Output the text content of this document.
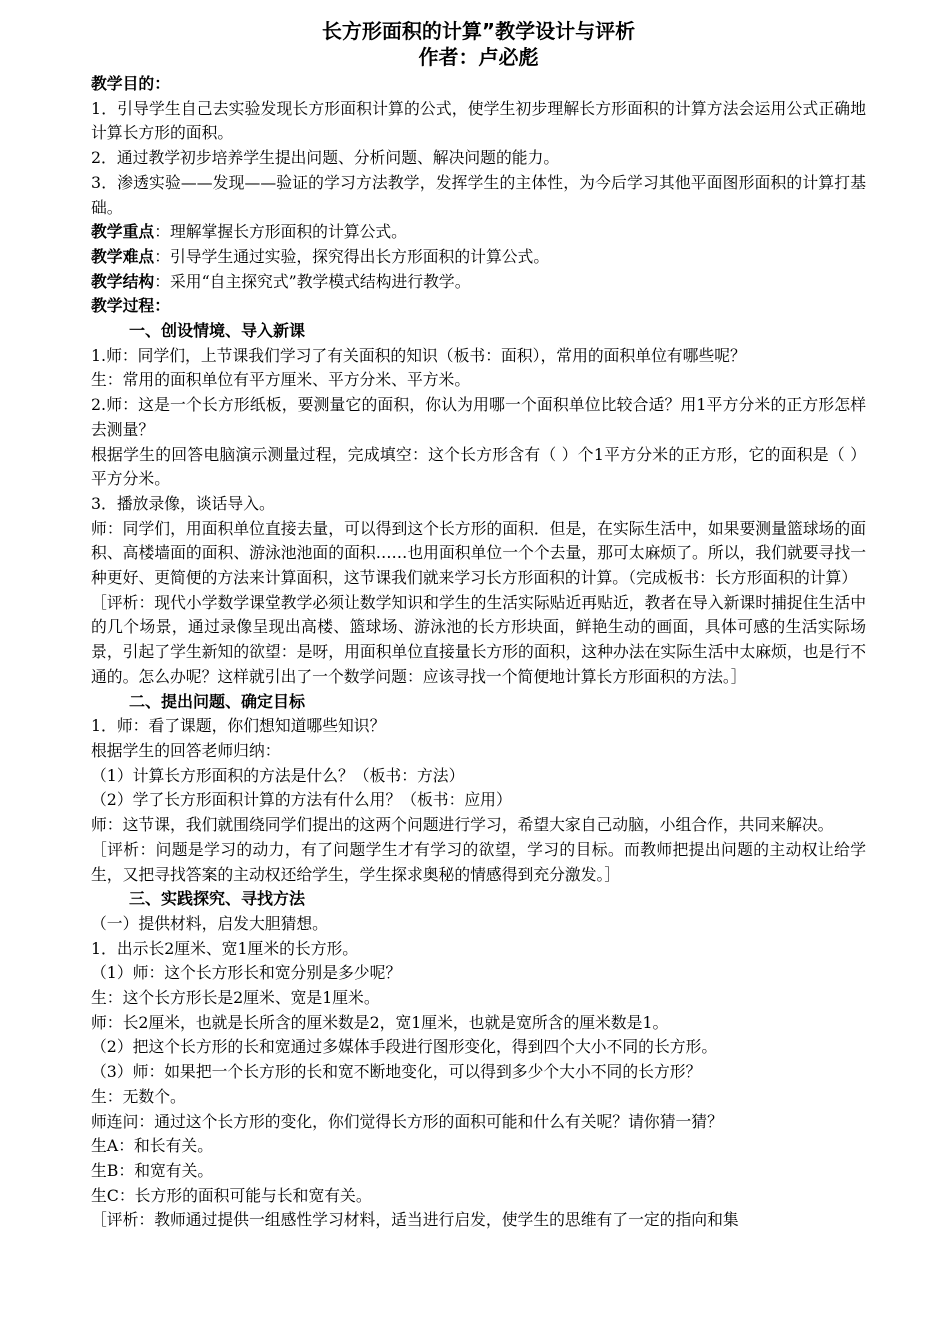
长方形面积的计算”教学设计与评析

作者：卢必彪

教学目的：

1．引导学生自己去实验发现长方形面积计算的公式，使学生初步理解长方形面积的计算方法会运用公式正确地计算长方形的面积。

2．通过教学初步培养学生提出问题、分析问题、解决问题的能力。

3．渗透实验——发现——验证的学习方法教学，发挥学生的主体性，为今后学习其他平面图形面积的计算打基础。

教学重点：理解掌握长方形面积的计算公式。

教学难点：引导学生通过实验，探究得出长方形面积的计算公式。

教学结构：采用“自主探究式”教学模式结构进行教学。

教学过程：

一、创设情境、导入新课

1.师：同学们，上节课我们学习了有关面积的知识（板书：面积），常用的面积单位有哪些呢？

生：常用的面积单位有平方厘米、平方分米、平方米。

2.师：这是一个长方形纸板，要测量它的面积，你认为用哪一个面积单位比较合适？用1平方分米的正方形怎样去测量？

根据学生的回答电脑演示测量过程，完成填空：这个长方形含有（ ）个1平方分米的正方形，它的面积是（ ）平方分米。

3．播放录像，谈话导入。

师：同学们，用面积单位直接去量，可以得到这个长方形的面积．但是，在实际生活中，如果要测量篮球场的面积、高楼墙面的面积、游泳池池面的面积……也用面积单位一个个去量，那可太麻烦了。所以，我们就要寻找一种更好、更简便的方法来计算面积，这节课我们就来学习长方形面积的计算。（完成板书：长方形面积的计算）

［评析：现代小学数学课堂教学必须让数学知识和学生的生活实际贴近再贴近，教者在导入新课时捕捉住生活中的几个场景，通过录像呈现出高楼、篮球场、游泳池的长方形块面，鲜艳生动的画面，具体可感的生活实际场景，引起了学生新知的欲望：是呀，用面积单位直接量长方形的面积，这种办法在实际生活中太麻烦，也是行不通的。怎么办呢？这样就引出了一个数学问题：应该寻找一个简便地计算长方形面积的方法。］

二、提出问题、确定目标

1．师：看了课题，你们想知道哪些知识？

根据学生的回答老师归纳：

（1）计算长方形面积的方法是什么？（板书：方法）

（2）学了长方形面积计算的方法有什么用？（板书：应用）

师：这节课，我们就围绕同学们提出的这两个问题进行学习，希望大家自己动脑，小组合作，共同来解决。

［评析：问题是学习的动力，有了问题学生才有学习的欲望，学习的目标。而教师把提出问题的主动权让给学生，又把寻找答案的主动权还给学生，学生探求奥秘的情感得到充分激发。］

三、实践探究、寻找方法

（一）提供材料，启发大胆猜想。

1．出示长2厘米、宽1厘米的长方形。

（1）师：这个长方形长和宽分别是多少呢？

生：这个长方形长是2厘米、宽是1厘米。

师：长2厘米，也就是长所含的厘米数是2，宽1厘米，也就是宽所含的厘米数是1。

（2）把这个长方形的长和宽通过多媒体手段进行图形变化，得到四个大小不同的长方形。

（3）师：如果把一个长方形的长和宽不断地变化，可以得到多少个大小不同的长方形？

生：无数个。

师连问：通过这个长方形的变化，你们觉得长方形的面积可能和什么有关呢？请你猜一猜？

生A：和长有关。

生B：和宽有关。

生C：长方形的面积可能与长和宽有关。

［评析：教师通过提供一组感性学习材料，适当进行启发，使学生的思维有了一定的指向和集
